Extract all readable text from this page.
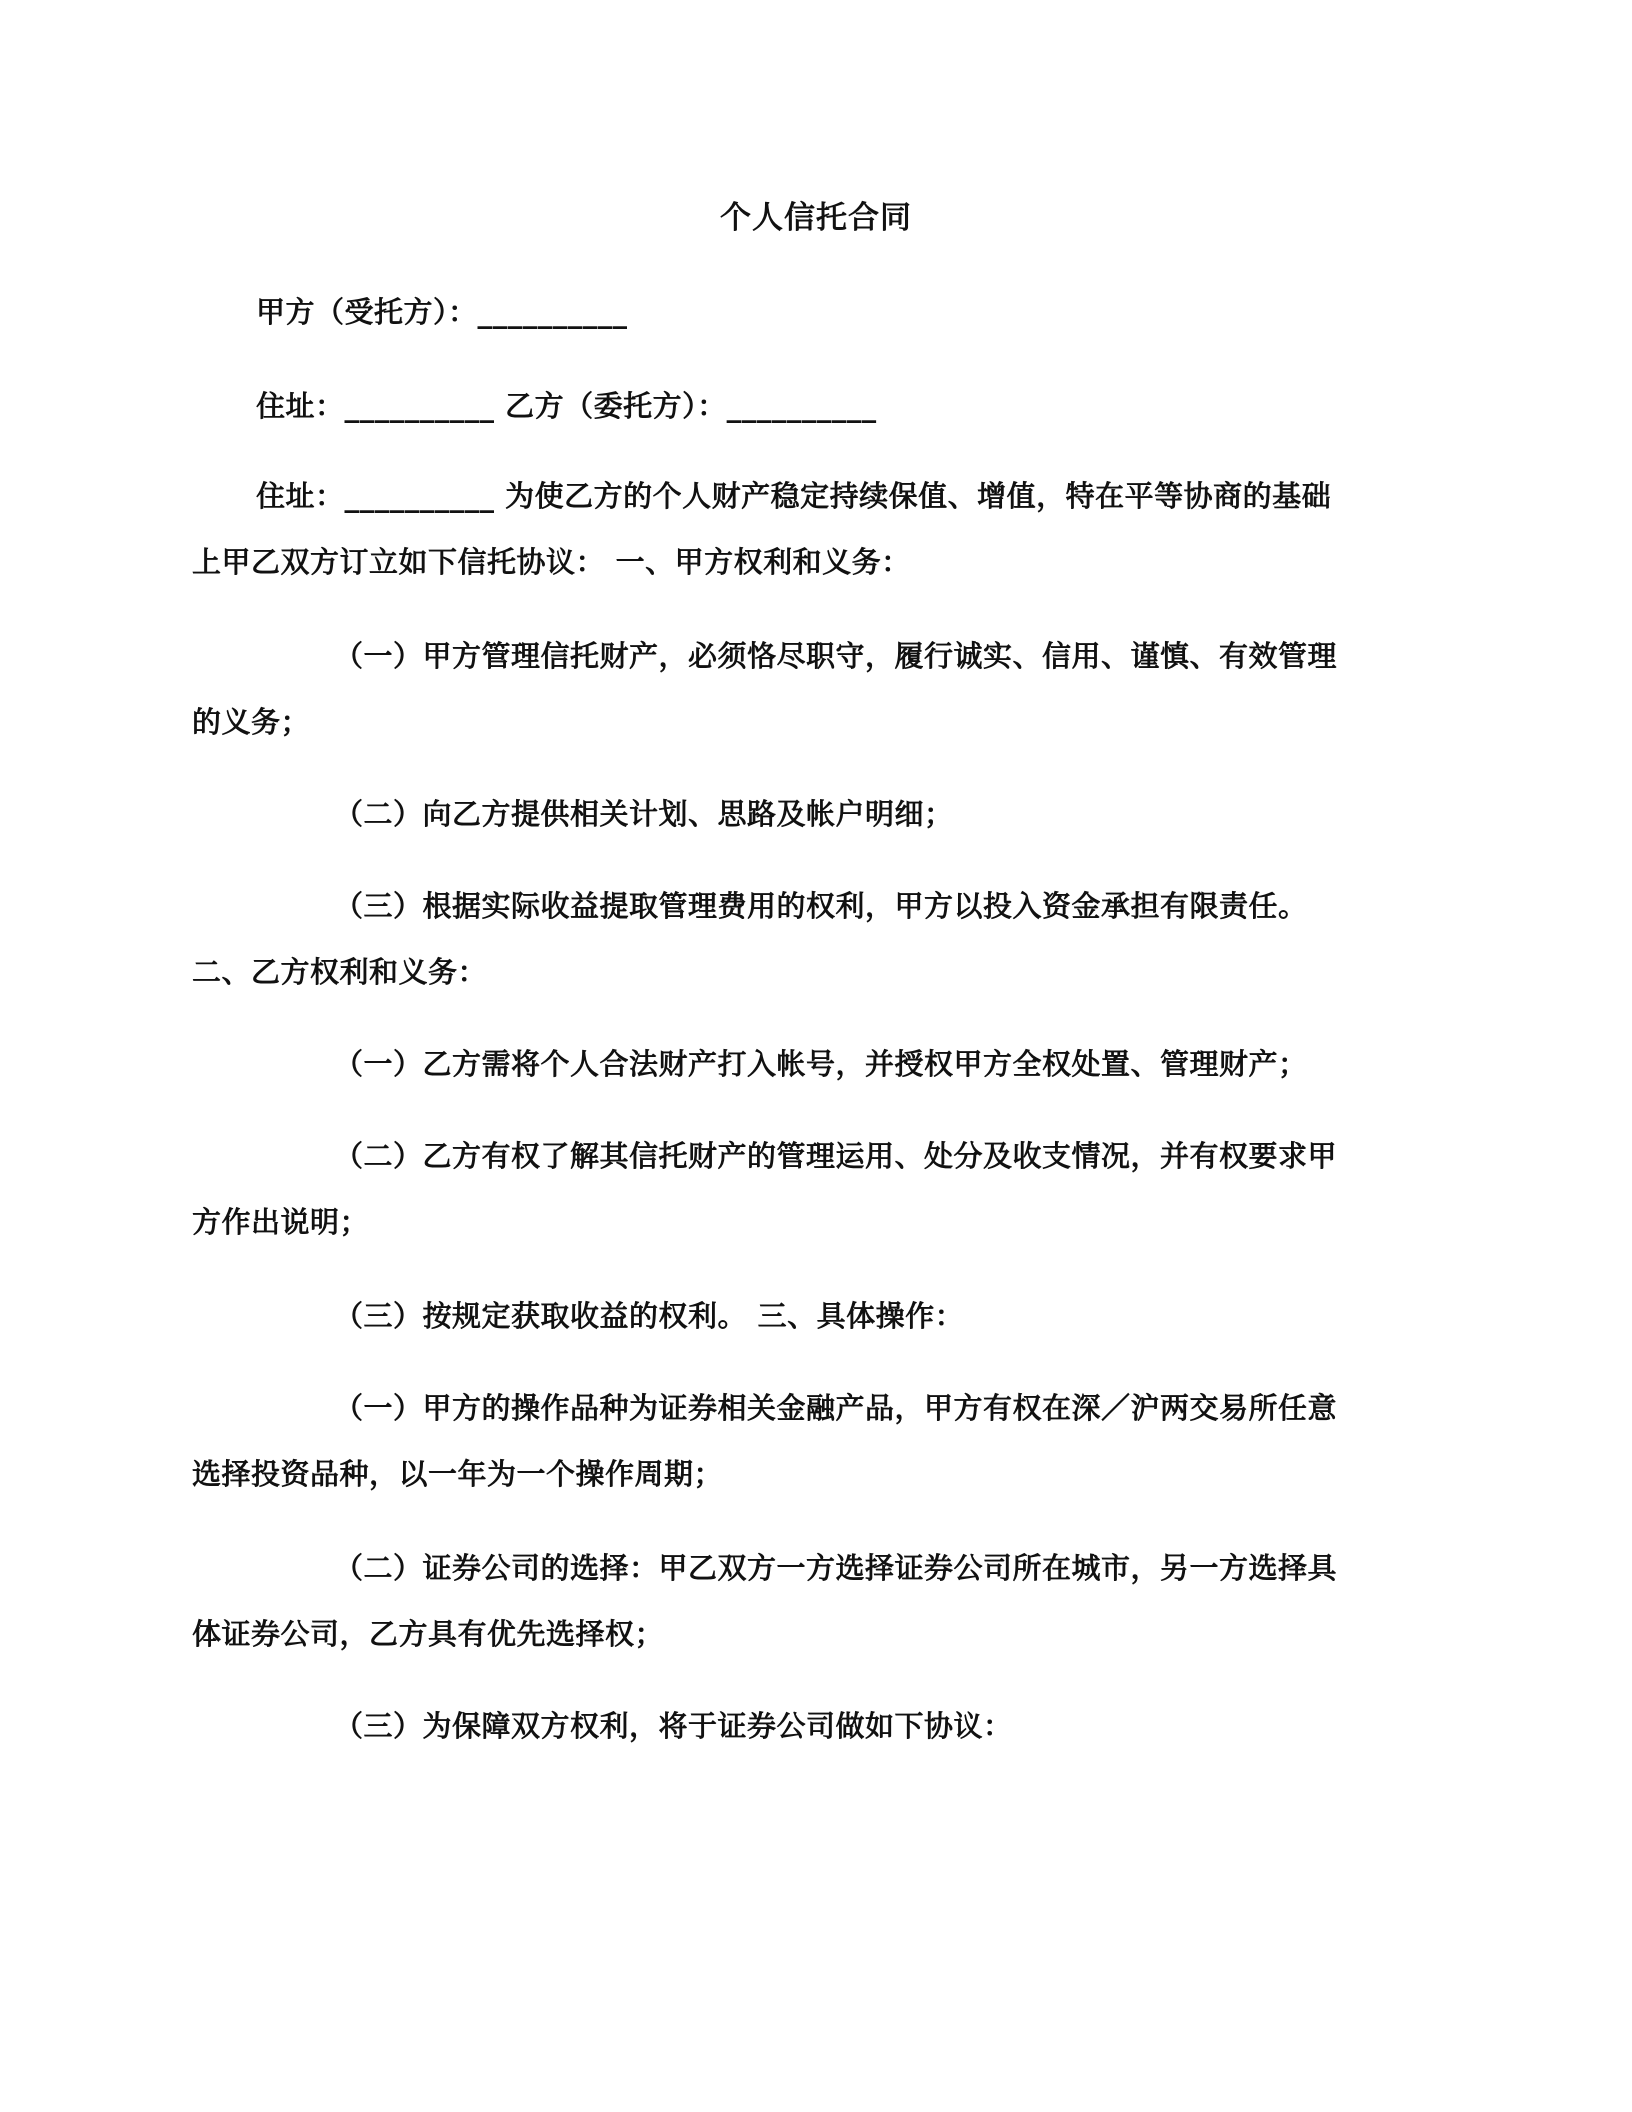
个人信托合同
甲方（受托方）：__________
住址：__________ 乙方（委托方）：__________
住址：__________ 为使乙方的个人财产稳定持续保值、增值，特在平等协商的基础
上甲乙双方订立如下信托协议： 一、甲方权利和义务：
（一）甲方管理信托财产，必须恪尽职守，履行诚实、信用、谨慎、有效管理
的义务；
（二）向乙方提供相关计划、思路及帐户明细；
（三）根据实际收益提取管理费用的权利，甲方以投入资金承担有限责任。
二、乙方权利和义务：
（一）乙方需将个人合法财产打入帐号，并授权甲方全权处置、管理财产；
（二）乙方有权了解其信托财产的管理运用、处分及收支情况，并有权要求甲
方作出说明；
（三）按规定获取收益的权利。 三、具体操作：
（一）甲方的操作品种为证券相关金融产品，甲方有权在深／沪两交易所任意
选择投资品种，以一年为一个操作周期；
（二）证券公司的选择：甲乙双方一方选择证券公司所在城市，另一方选择具
体证券公司，乙方具有优先选择权；
（三）为保障双方权利，将于证券公司做如下协议：
